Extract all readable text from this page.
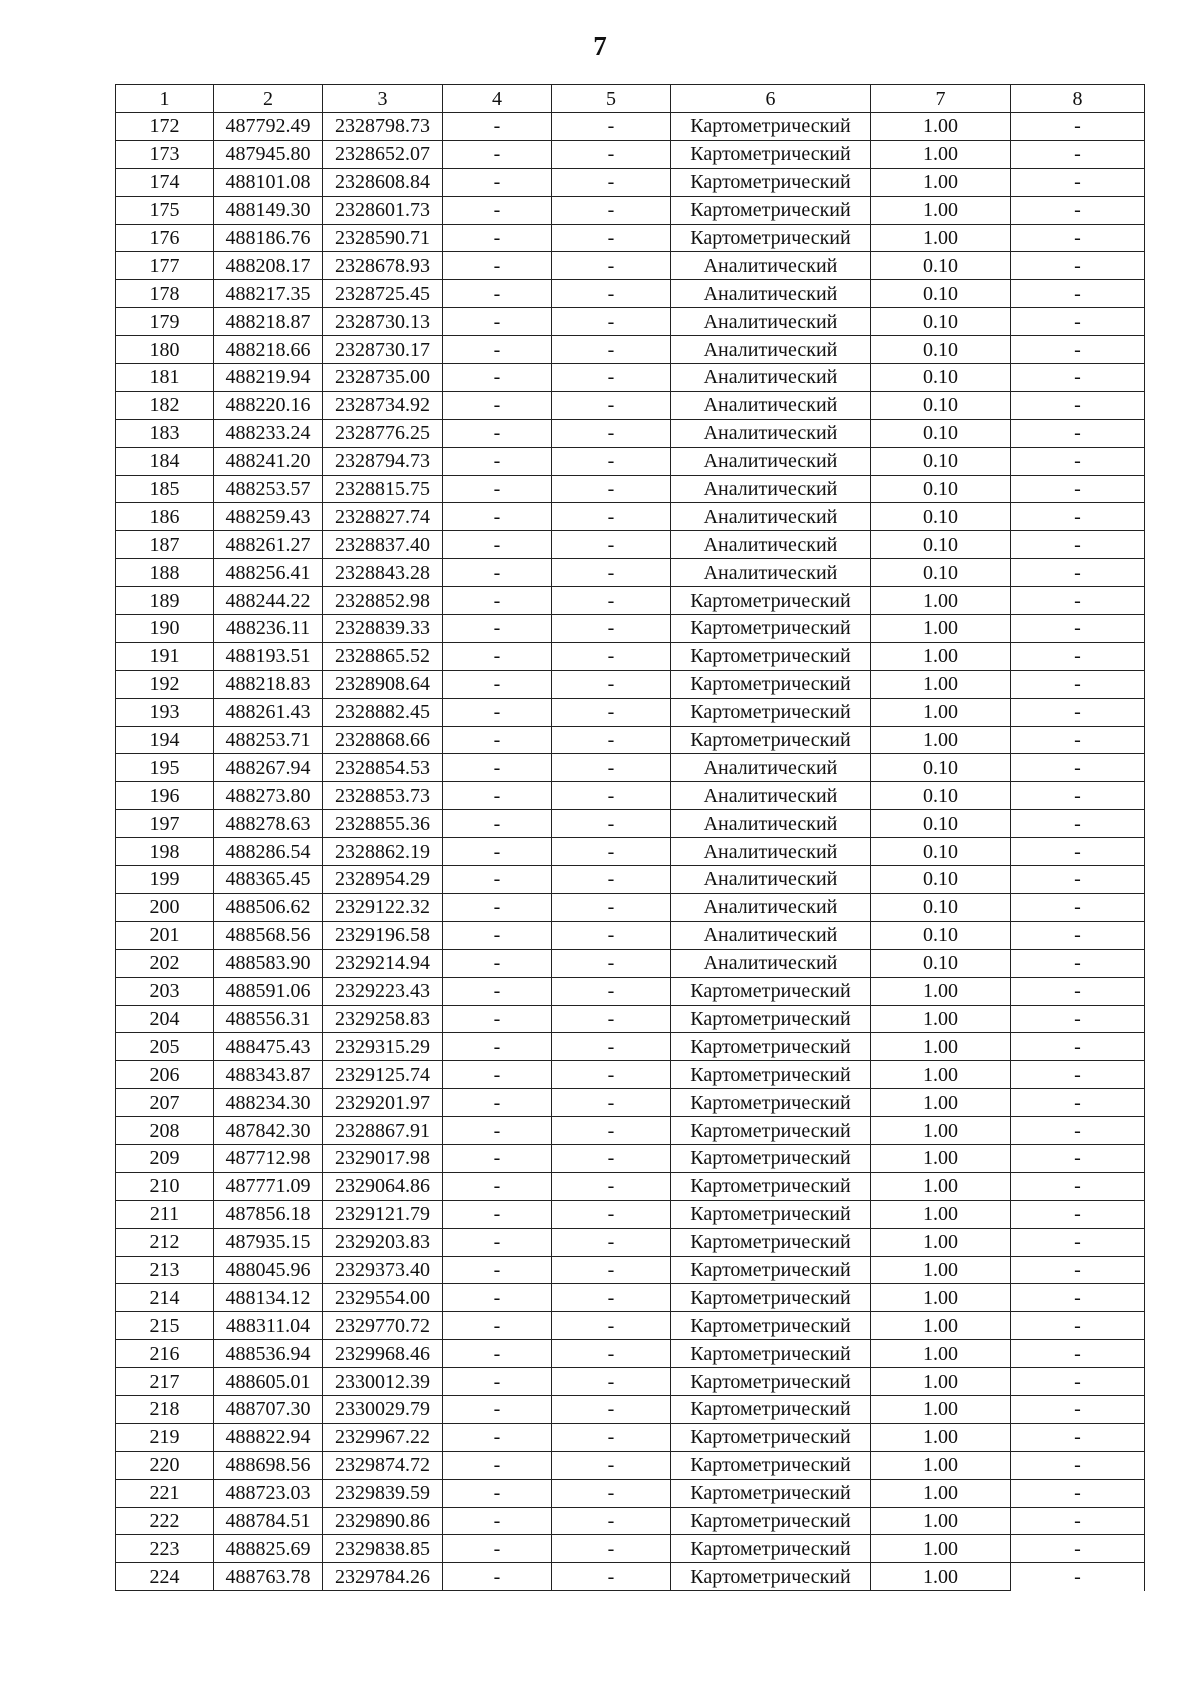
7
1	2	3	4	5	6	7	8
172	487792.49	2328798.73	-	-	Картометрический	1.00	-
173	487945.80	2328652.07	-	-	Картометрический	1.00	-
174	488101.08	2328608.84	-	-	Картометрический	1.00	-
175	488149.30	2328601.73	-	-	Картометрический	1.00	-
176	488186.76	2328590.71	-	-	Картометрический	1.00	-
177	488208.17	2328678.93	-	-	Аналитический	0.10	-
178	488217.35	2328725.45	-	-	Аналитический	0.10	-
179	488218.87	2328730.13	-	-	Аналитический	0.10	-
180	488218.66	2328730.17	-	-	Аналитический	0.10	-
181	488219.94	2328735.00	-	-	Аналитический	0.10	-
182	488220.16	2328734.92	-	-	Аналитический	0.10	-
183	488233.24	2328776.25	-	-	Аналитический	0.10	-
184	488241.20	2328794.73	-	-	Аналитический	0.10	-
185	488253.57	2328815.75	-	-	Аналитический	0.10	-
186	488259.43	2328827.74	-	-	Аналитический	0.10	-
187	488261.27	2328837.40	-	-	Аналитический	0.10	-
188	488256.41	2328843.28	-	-	Аналитический	0.10	-
189	488244.22	2328852.98	-	-	Картометрический	1.00	-
190	488236.11	2328839.33	-	-	Картометрический	1.00	-
191	488193.51	2328865.52	-	-	Картометрический	1.00	-
192	488218.83	2328908.64	-	-	Картометрический	1.00	-
193	488261.43	2328882.45	-	-	Картометрический	1.00	-
194	488253.71	2328868.66	-	-	Картометрический	1.00	-
195	488267.94	2328854.53	-	-	Аналитический	0.10	-
196	488273.80	2328853.73	-	-	Аналитический	0.10	-
197	488278.63	2328855.36	-	-	Аналитический	0.10	-
198	488286.54	2328862.19	-	-	Аналитический	0.10	-
199	488365.45	2328954.29	-	-	Аналитический	0.10	-
200	488506.62	2329122.32	-	-	Аналитический	0.10	-
201	488568.56	2329196.58	-	-	Аналитический	0.10	-
202	488583.90	2329214.94	-	-	Аналитический	0.10	-
203	488591.06	2329223.43	-	-	Картометрический	1.00	-
204	488556.31	2329258.83	-	-	Картометрический	1.00	-
205	488475.43	2329315.29	-	-	Картометрический	1.00	-
206	488343.87	2329125.74	-	-	Картометрический	1.00	-
207	488234.30	2329201.97	-	-	Картометрический	1.00	-
208	487842.30	2328867.91	-	-	Картометрический	1.00	-
209	487712.98	2329017.98	-	-	Картометрический	1.00	-
210	487771.09	2329064.86	-	-	Картометрический	1.00	-
211	487856.18	2329121.79	-	-	Картометрический	1.00	-
212	487935.15	2329203.83	-	-	Картометрический	1.00	-
213	488045.96	2329373.40	-	-	Картометрический	1.00	-
214	488134.12	2329554.00	-	-	Картометрический	1.00	-
215	488311.04	2329770.72	-	-	Картометрический	1.00	-
216	488536.94	2329968.46	-	-	Картометрический	1.00	-
217	488605.01	2330012.39	-	-	Картометрический	1.00	-
218	488707.30	2330029.79	-	-	Картометрический	1.00	-
219	488822.94	2329967.22	-	-	Картометрический	1.00	-
220	488698.56	2329874.72	-	-	Картометрический	1.00	-
221	488723.03	2329839.59	-	-	Картометрический	1.00	-
222	488784.51	2329890.86	-	-	Картометрический	1.00	-
223	488825.69	2329838.85	-	-	Картометрический	1.00	-
224	488763.78	2329784.26	-	-	Картометрический	1.00	-
